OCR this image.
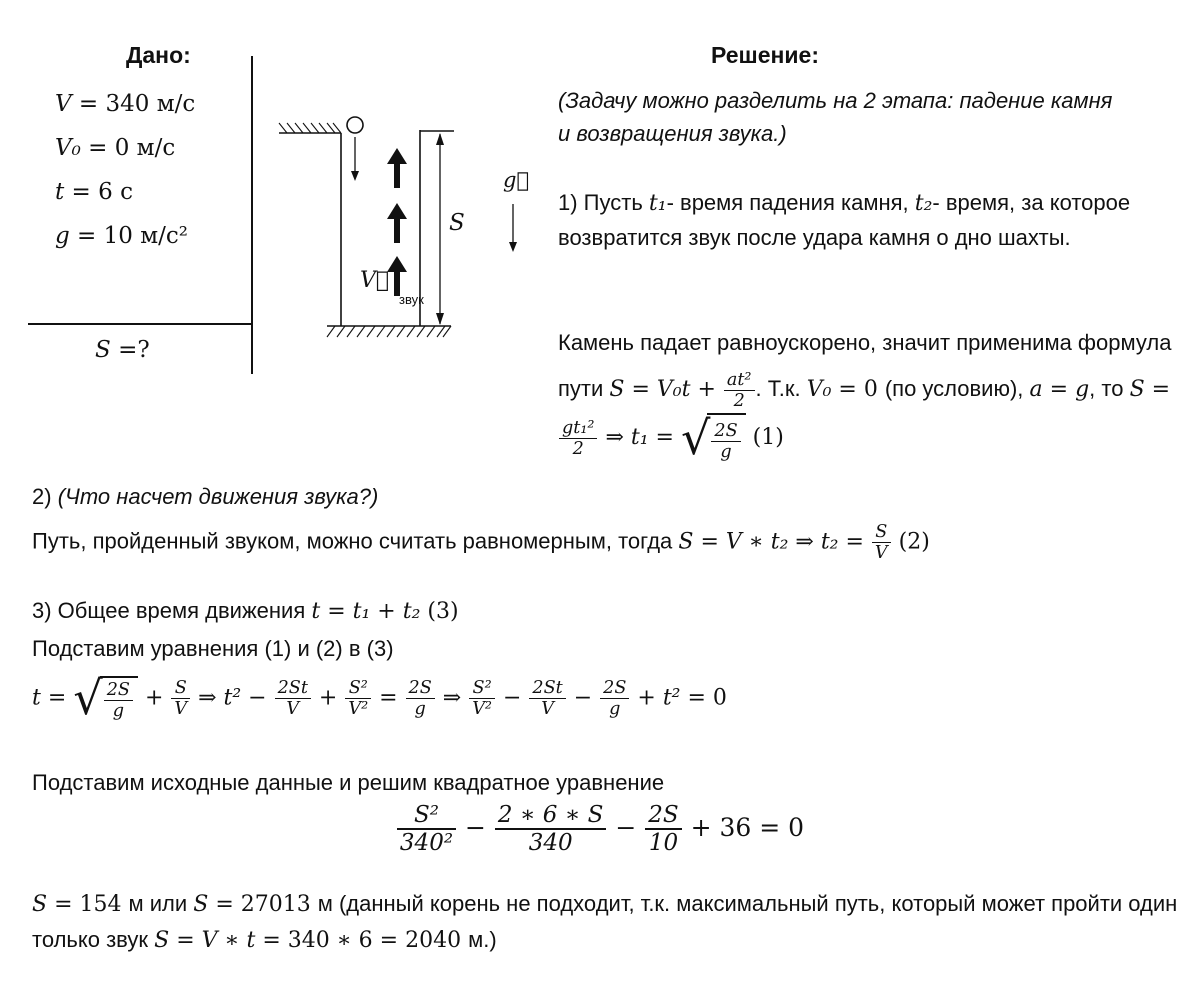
Дано:
V = 340 м/с
V₀ = 0 м/с
t = 6 с
g = 10 м/с²
S =?
V⃗
звук
S
g⃗
Решение:
(Задачу можно разделить на 2 этапа: падение камня и возвращения звука.)
1) Пусть t₁- время падения камня, t₂- время, за которое возвратится звук после удара камня о дно шахты.
Камень падает равноускорено, значит применима формула пути $S = V_0t + \frac{\text{at²}}{2}$ . Т.к. V₀ = 0 (по условию), a = g, то S =
$\frac{\text{gt₁²}}{2}$ ⇒ t₁ = √ $\frac{2S}{g} (1)$
2) (Что насчет движения звука?)
Путь, пройденный звуком, можно считать равномерным, тогда S = V ∗ t₂ ⇒ $t_2 = \frac{S}{V} (2)$
3) Общее время движения t = t₁ + t₂ (3)
Подставим уравнения (1) и (2) в (3)
t = √ $\frac{2S}{g} + \frac{S}{V}$ ⇒ $t^2 - \frac{2St}{V} + \frac{\text{S²}}{\text{V²}} = \frac{2S}{g}$ ⇒ $\frac{\text{S²}}{\text{V²}} - \frac{2St}{V} - \frac{2S}{g} + t^2 = 0$
Подставим исходные данные и решим квадратное уравнение
$\frac{\text{S²}}{\text{340²}} - \frac{2 ∗ 6 ∗ S}{340} - \frac{2S}{10} + 36 = 0$
S = 154 м или S = 27013 м (данный корень не подходит, т.к. максимальный путь, который может пройти один только звук S = V ∗ t = 340 ∗ 6 = 2040 м.)
